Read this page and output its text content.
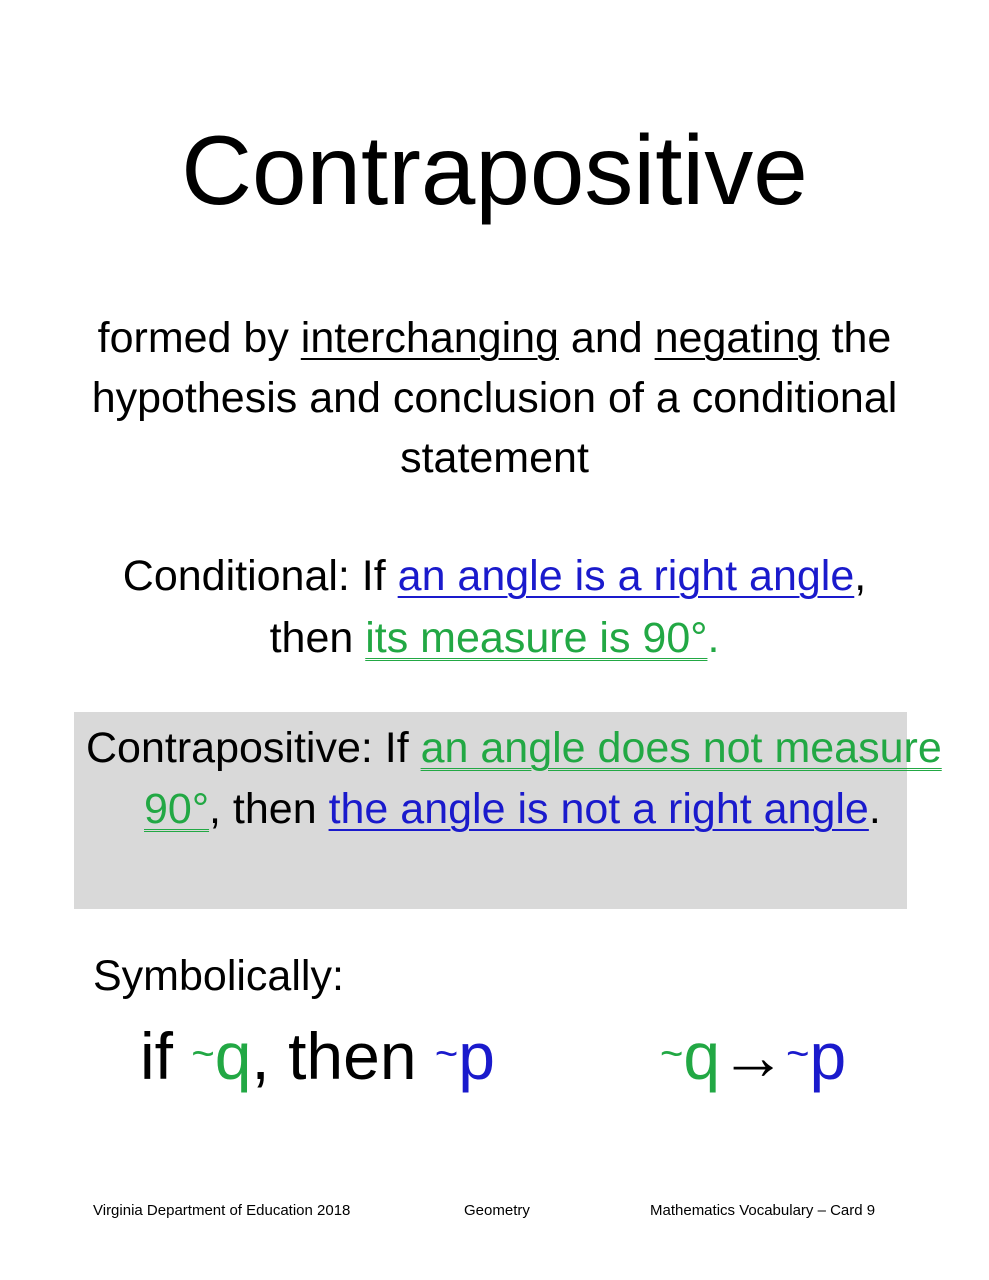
Contrapositive
formed by interchanging and negating the hypothesis and conclusion of a conditional statement
Conditional: If an angle is a right angle,
then its measure is 90°.
Contrapositive: If an angle does not measure 90°, then the angle is not a right angle.
Symbolically:
if ~q, then ~p	~q→~p
Virginia Department of Education 2018	Geometry	Mathematics Vocabulary – Card 9
